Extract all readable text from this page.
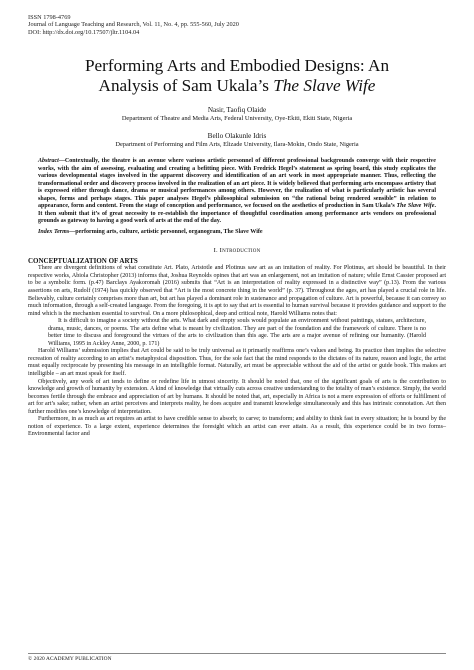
ISSN 1798-4769
Journal of Language Teaching and Research, Vol. 11, No. 4, pp. 555-560, July 2020
DOI: http://dx.doi.org/10.17507/jltr.1104.04
Performing Arts and Embodied Designs: An
Analysis of Sam Ukala’s The Slave Wife
Nasir, Taofiq Olaide
Department of Theatre and Media Arts, Federal University, Oye-Ekiti, Ekiti State, Nigeria
Bello Olakunle Idris
Department of Performing and Film Arts, Elizade University, Ilara-Mokin, Ondo State, Nigeria
Abstract—Contextually, the theatre is an avenue where various artistic personnel of different professional backgrounds converge with their respective works, with the aim of assessing, evaluating and creating a befitting piece. With Fredrick Hegel’s statement as spring board, this study explicates the various developmental stages involved in the apparent discovery and identification of an art work in most appropriate manner. Thus, reflecting the transformational order and discovery process involved in the realization of an art piece. It is widely believed that performing arts encompass artistry that is expressed either through dance, drama or musical performances among others. However, the realization of what is particularly artistic has several shapes, forms and perhaps stages. This paper analyses Hegel’s philosophical submission on “the rational being rendered sensible” in relation to appearance, form and content. From the stage of conception and performance, we focused on the aesthetics of production in Sam Ukala’s The Slave Wife. It then submit that it’s of great necessity to re-establish the importance of thoughtful coordination among performance arts vendors on professional grounds as gateway to having a good work of arts at the end of the day.
Index Terms—performing arts, culture, artistic personnel, organogram, The Slave Wife
I. Introduction
CONCEPTUALIZATION OF ARTS

There are divergent definitions of what constitute Art. Plato, Aristotle and Plotinus saw art as an imitation of reality. For Plotinus, art should be beautiful. In their respective works, Abiola Christopher (2013) informs that, Joshua Reynolds opines that art was an enlargement, not an imitation of nature; while Ernst Cassier proposed art to be a symbolic form. (p.47) Barclays Ayakoromah (2016) submits that “Art is an interpretation of reality expressed in a distinctive way” (p.13). From the various assertions on arts, Rudolf (1974) has quickly observed that “Art is the most concrete thing in the world” (p. 37). Throughout the ages, art has played a crucial role in life. Believably, culture certainly comprises more than art, but art has played a dominant role in sustenance and propagation of culture. Art is powerful, because it can convey so much information, through a self-created language. From the foregoing, it is apt to say that art is essential to human survival because it provides guidance and support to the mind which is the mechanism essential to survival. On a more philosophical, deep and critical note, Harold Williams notes that:

It is difficult to imagine a society without the arts. What dark and empty souls would populate an environment without paintings, statues, architecture, drama, music, dances, or poems. The arts define what is meant by civilization. They are part of the foundation and the framework of culture. There is no better time to discuss and foreground the virtues of the arts to civilization than this age. The arts are a major avenue of refining our humanity. (Harold Williams, 1995 in Ackley Anne, 2000, p. 171)

Harold Williams’ submission implies that Art could be said to be truly universal as it primarily reaffirms one’s values and being. Its practice then implies the selective recreation of reality according to an artist’s metaphysical disposition. Thus, for the sole fact that the mind responds to the dictates of its nature, reason and logic, the artist must equally reciprocate by presenting his message in an intelligible format. Naturally, art must be appreciable without the aid of the artist or guide book. This makes art intelligible – an art must speak for itself.

Objectively, any work of art tends to define or redefine life in utmost sincerity. It should be noted that, one of the significant goals of arts is the contribution to knowledge and growth of humanity by extension. A kind of knowledge that virtually cuts across creative understanding to the totality of man’s existence. Simply, the world becomes fertile through the embrace and appreciation of art by humans. It should be noted that, art, especially in Africa is not a mere expression of efforts or fulfillment of art for art’s sake; rather, when an artist perceives and interprets reality, he does acquire and transmit knowledge simultaneously and this has intrinsic connotation. Art then further modifies one’s knowledge of interpretation.

Furthermore, in as much as art requires an artist to have credible sense to absorb; to carve; to transform; and ability to think fast in every situation; he is bound by the notion of experience. To a large extent, experience determines the foresight which an artist can ever attain. As a result, this experience could be in two forms– Environmental factor and

© 2020 ACADEMY PUBLICATION
